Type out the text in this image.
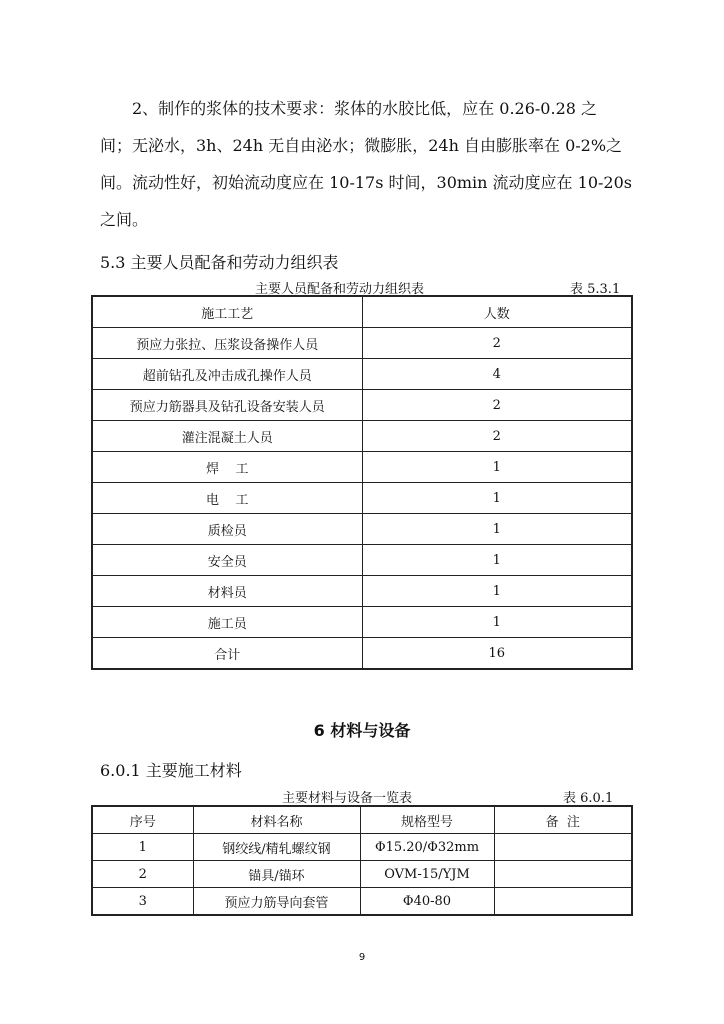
2、制作的浆体的技术要求：浆体的水胶比低，应在 0.26-0.28 之
间；无泌水，3h、24h 无自由泌水；微膨胀，24h 自由膨胀率在 0-2%之
间。流动性好，初始流动度应在 10-17s 时间，30min 流动度应在 10-20s
之间。
5.3 主要人员配备和劳动力组织表
主要人员配备和劳动力组织表	表 5.3.1
施工工艺	人数
预应力张拉、压浆设备操作人员	2
超前钻孔及冲击成孔操作人员	4
预应力筋器具及钻孔设备安装人员	2
灌注混凝土人员	2
焊    工	1
电    工	1
质检员	1
安全员	1
材料员	1
施工员	1
合计	16
6 材料与设备
6.0.1 主要施工材料
主要材料与设备一览表	表 6.0.1
序号	材料名称	规格型号	备  注
1	钢绞线/精轧螺纹钢	Φ15.20/Φ32mm	
2	锚具/锚环	OVM-15/YJM	
3	预应力筋导向套管	Φ40-80	
9
